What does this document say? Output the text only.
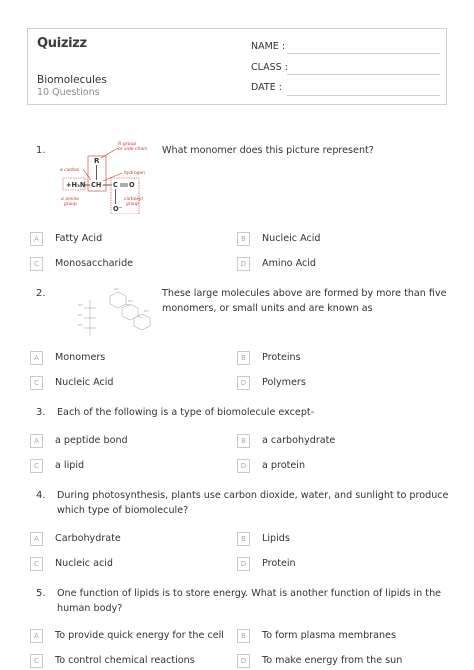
Quizizz
Biomolecules
10 Questions
NAME :
CLASS :
DATE :
1.
R-group
or side chain
α carbon
hydrogen
α amino
group
carboxyl
group
R
+H₃N CH C O
O⁻
What monomer does this picture represent?
A	Fatty Acid	B	Nucleic Acid
C	Monosaccharide	D	Amino Acid
2.
OH
OH
OH
OH
OH
OH
These large molecules above are formed by more than five monomers, or small units and are known as
A	Monomers	B	Proteins
C	Nucleic Acid	D	Polymers
3. Each of the following is a type of biomolecule except-
A	a peptide bond	B	a carbohydrate
C	a lipid	D	a protein
4. During photosynthesis, plants use carbon dioxide, water, and sunlight to produce which type of biomolecule?
A	Carbohydrate	B	Lipids
C	Nucleic acid	D	Protein
5. One function of lipids is to store energy. What is another function of lipids in the human body?
A	To provide quick energy for the cell	B	To form plasma membranes
C	To control chemical reactions	D	To make energy from the sun
